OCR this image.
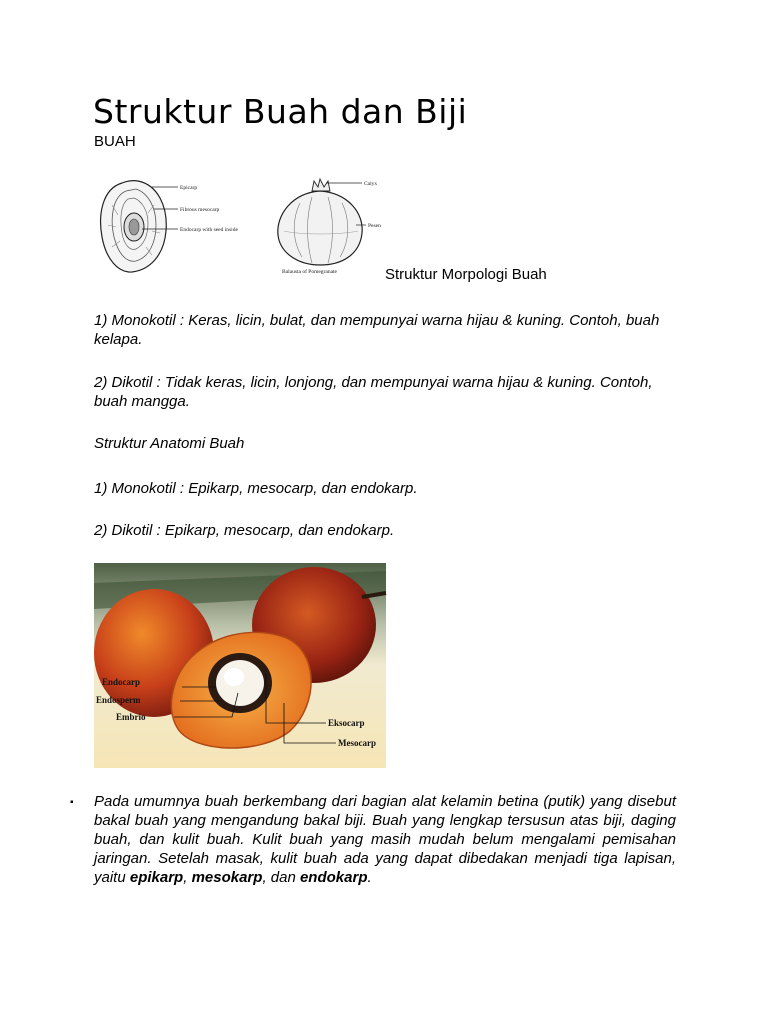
Struktur Buah dan Biji
BUAH
Epicarp
Fibrous mesocarp
Endocarp with seed inside
Calyx
Pesen
Balausta of Pomegranate	Struktur Morpologi Buah
1) Monokotil : Keras, licin, bulat, dan mempunyai warna hijau & kuning. Contoh, buah kelapa.
2) Dikotil : Tidak keras, licin, lonjong, dan mempunyai warna hijau & kuning. Contoh, buah mangga.
Struktur Anatomi Buah
1) Monokotil : Epikarp, mesocarp, dan endokarp.
2) Dikotil : Epikarp, mesocarp, dan endokarp.
Endocarp
Endosperm
Embrio
Eksocarp
Mesocarp
▪ Pada umumnya buah berkembang dari bagian alat kelamin betina (putik) yang disebut bakal buah yang mengandung bakal biji. Buah yang lengkap tersusun atas biji, daging buah, dan kulit buah. Kulit buah yang masih mudah belum mengalami pemisahan jaringan. Setelah masak, kulit buah ada yang dapat dibedakan menjadi tiga lapisan, yaitu epikarp, mesokarp, dan endokarp.
